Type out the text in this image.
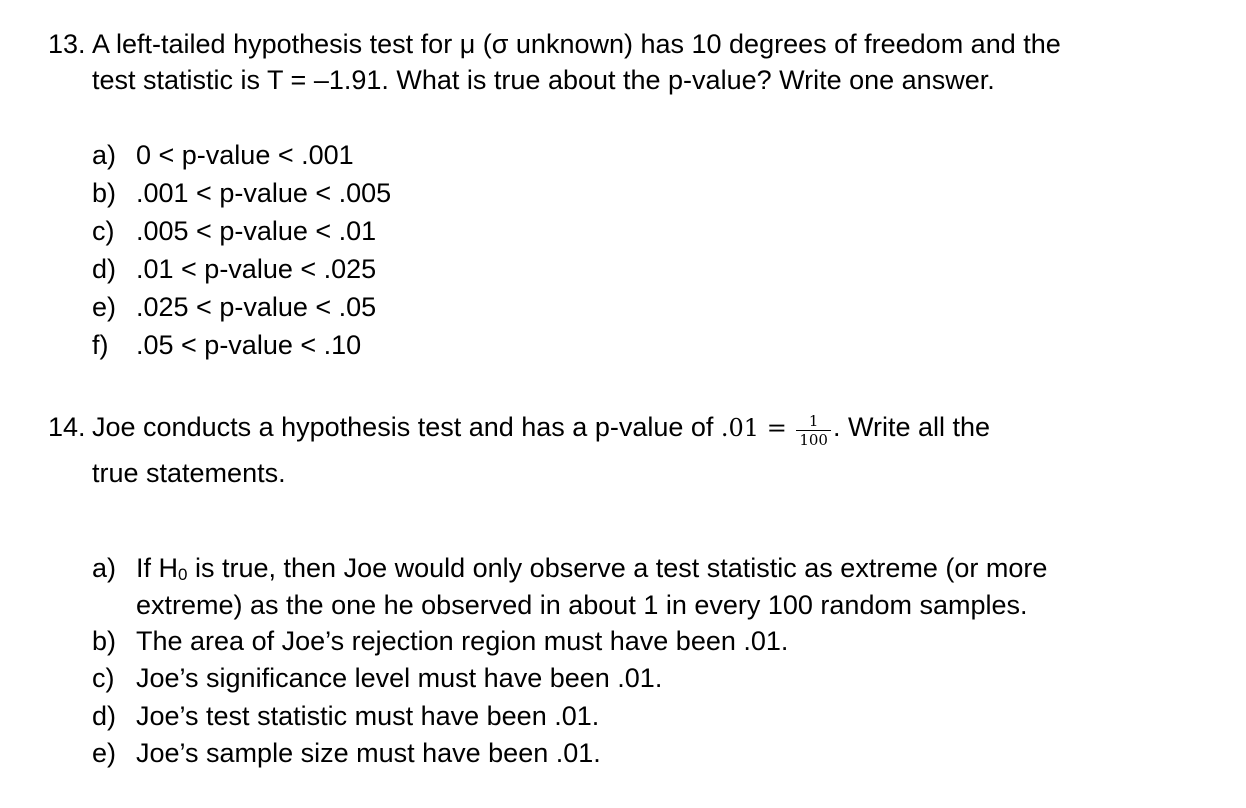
13. A left-tailed hypothesis test for μ (σ unknown) has 10 degrees of freedom and the
test statistic is T = –1.91. What is true about the p-value? Write one answer.
a) 0 < p-value < .001
b) .001 < p-value < .005
c) .005 < p-value < .01
d) .01 < p-value < .025
e) .025 < p-value < .05
f) .05 < p-value < .10
14. Joe conducts a hypothesis test and has a p-value of $.01 = \frac{1}{100}$ . Write all the
true statements.
a) If H0 is true, then Joe would only observe a test statistic as extreme (or more
extreme) as the one he observed in about 1 in every 100 random samples.
b) The area of Joe’s rejection region must have been .01.
c) Joe’s significance level must have been .01.
d) Joe’s test statistic must have been .01.
e) Joe’s sample size must have been .01.
